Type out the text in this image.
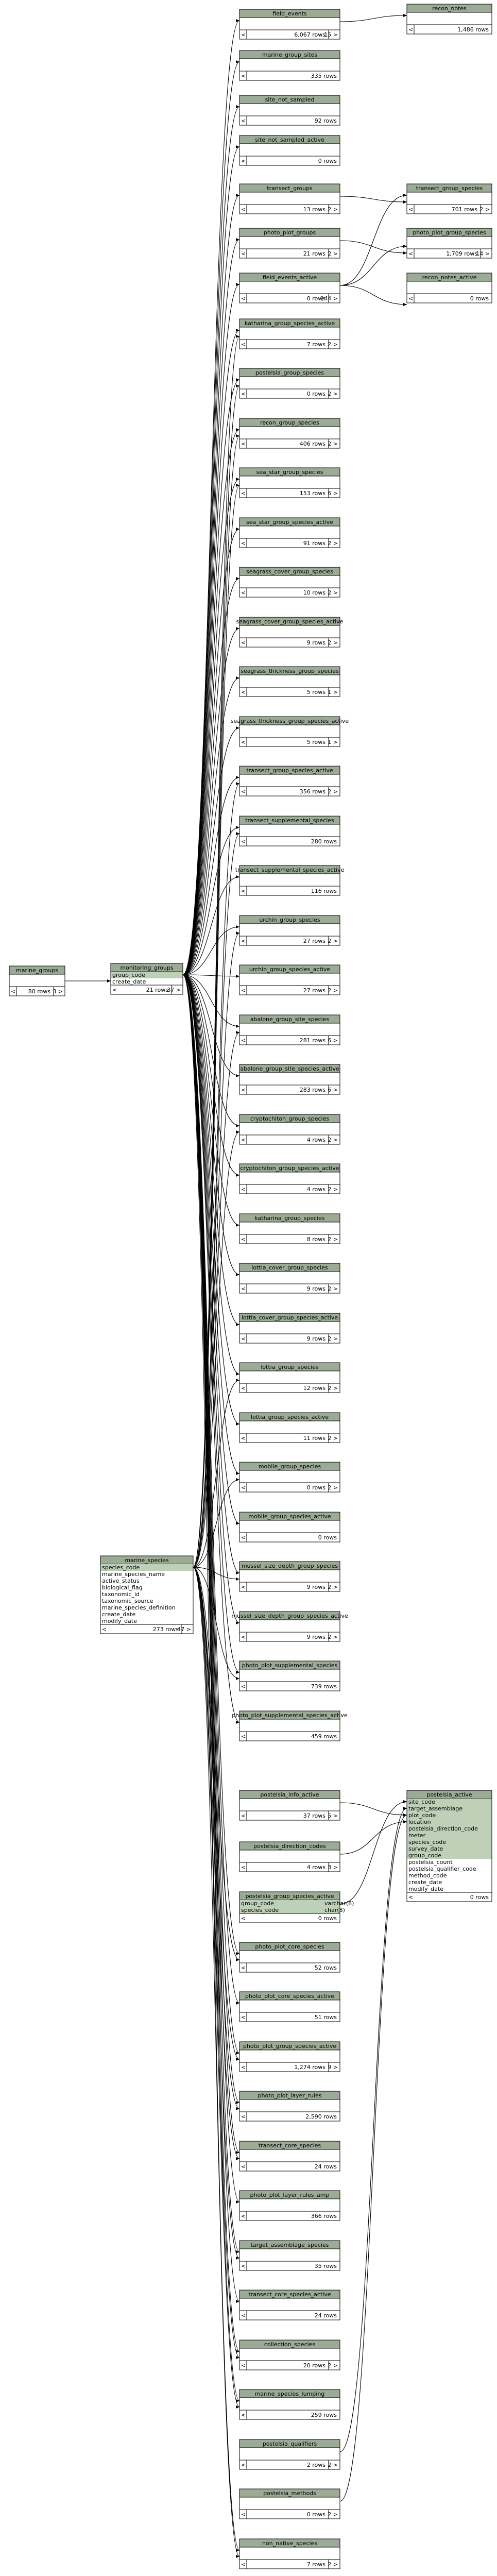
field_events
<	15 >
6,067 rows
marine_group_sites
<	335 rows
site_not_sampled
<	92 rows
site_not_sampled_active
<	0 rows
transect_groups
<	2 >
13 rows
photo_plot_groups
<	2 >
21 rows
field_events_active
<	144 >
0 rows
katharina_group_species_active
<	2 >
7 rows
postelsia_group_species
<	2 >
0 rows
recon_group_species
<	2 >
406 rows
sea_star_group_species
<	6 >
153 rows
sea_star_group_species_active
<	2 >
91 rows
seagrass_cover_group_species
<	2 >
10 rows
seagrass_cover_group_species_active
<	2 >
9 rows
seagrass_thickness_group_species
<	1 >
5 rows
seagrass_thickness_group_species_active
<	1 >
5 rows
transect_group_species_active
<	2 >
356 rows
transect_supplemental_species
<	280 rows
transect_supplemental_species_active
<	116 rows
urchin_group_species
<	2 >
27 rows
urchin_group_species_active
<	2 >
27 rows
abalone_group_site_species
<	6 >
281 rows
abalone_group_site_species_active
<	6 >
283 rows
cryptochiton_group_species
<	2 >
4 rows
cryptochiton_group_species_active
<	2 >
4 rows
katharina_group_species
<	2 >
8 rows
lottia_cover_group_species
<	2 >
9 rows
lottia_cover_group_species_active
<	2 >
9 rows
lottia_group_species
<	2 >
12 rows
lottia_group_species_active
<	2 >
11 rows
mobile_group_species
<	2 >
0 rows
mobile_group_species_active
<	0 rows
mussel_size_depth_group_species
<	2 >
9 rows
mussel_size_depth_group_species_active
<	2 >
9 rows
photo_plot_supplemental_species
<	739 rows
photo_plot_supplemental_species_active
<	459 rows
postelsia_info_active
<	5 >
37 rows
postelsia_direction_codes
<	3 >
4 rows
photo_plot_core_species
<	52 rows
photo_plot_core_species_active
<	51 rows
photo_plot_group_species_active
<	9 >
1,274 rows
photo_plot_layer_rules
<	2,590 rows
transect_core_species
<	24 rows
photo_plot_layer_rules_amp
<	366 rows
target_assemblage_species
<	35 rows
transect_core_species_active
<	24 rows
collection_species
<	2 >
20 rows
marine_species_lumping
<	259 rows
postelsia_qualifiers
<	2 >
2 rows
postelsia_methods
<	2 >
0 rows
non_native_species
<	2 >
7 rows
postelsia_group_species_active
group_code	varchar(8)
species_code	char(8)
<	0 rows
recon_notes
<	1,486 rows
transect_group_species
<	2 >
701 rows
photo_plot_group_species
<	14 >
1,709 rows
recon_notes_active
<	0 rows
postelsia_active
site_code
target_assemblage
plot_code
location
postelsia_direction_code
meter
species_code
survey_date
group_code
postelsia_count
postelsia_qualifier_code
method_code
create_date
modify_date
<	0 rows
marine_groups
<	3 >
80 rows
monitoring_groups
group_code
create_date
<	37 >
21 rows
marine_species
species_code
marine_species_name
active_status
biological_flag
taxonomic_id
taxonomic_source
marine_species_definition
create_date
modify_date
<	47 >
273 rows
